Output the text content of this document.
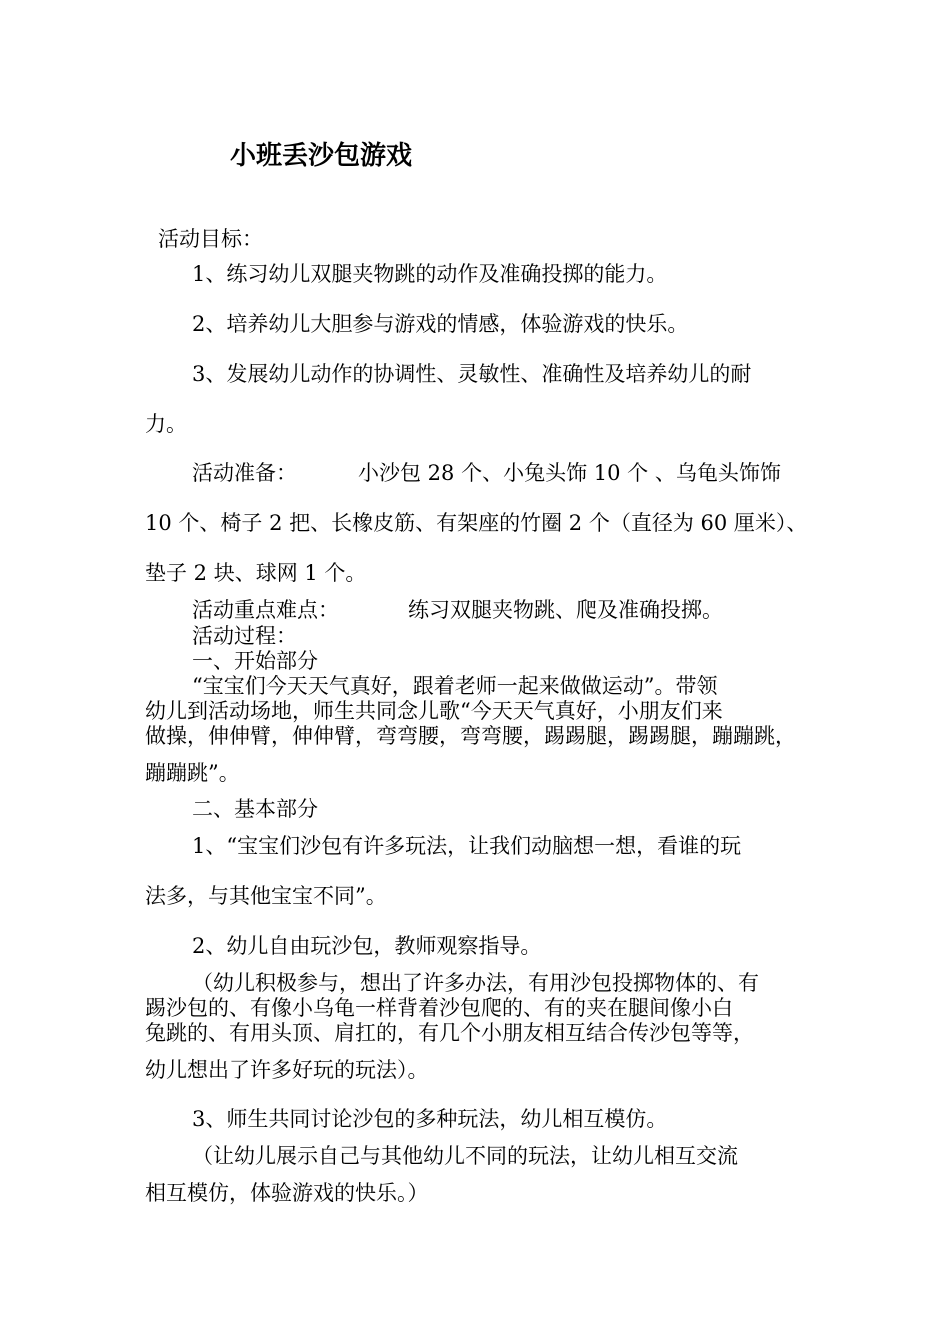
小班丢沙包游戏
活动目标：
1、练习幼儿双腿夹物跳的动作及准确投掷的能力。
2、培养幼儿大胆参与游戏的情感，体验游戏的快乐。
3、发展幼儿动作的协调性、灵敏性、准确性及培养幼儿的耐
力。
活动准备：	小沙包 28 个、小兔头饰 10 个 、乌龟头饰饰
10 个、椅子 2 把、长橡皮筋、有架座的竹圈 2 个（直径为 60 厘米）、
垫子 2 块、球网 1 个。
活动重点难点：	练习双腿夹物跳、爬及准确投掷。
活动过程：
一、开始部分
“宝宝们今天天气真好，跟着老师一起来做做运动”。带领
幼儿到活动场地，师生共同念儿歌“今天天气真好，小朋友们来
做操，伸伸臂，伸伸臂，弯弯腰，弯弯腰，踢踢腿，踢踢腿，蹦蹦跳，
蹦蹦跳”。
二、基本部分
1、“宝宝们沙包有许多玩法，让我们动脑想一想，看谁的玩
法多，与其他宝宝不同”。
2、幼儿自由玩沙包，教师观察指导。
（幼儿积极参与，想出了许多办法，有用沙包投掷物体的、有
踢沙包的、有像小乌龟一样背着沙包爬的、有的夹在腿间像小白
兔跳的、有用头顶、肩扛的，有几个小朋友相互结合传沙包等等，
幼儿想出了许多好玩的玩法）。
3、师生共同讨论沙包的多种玩法，幼儿相互模仿。
（让幼儿展示自己与其他幼儿不同的玩法，让幼儿相互交流
相互模仿，体验游戏的快乐。）
